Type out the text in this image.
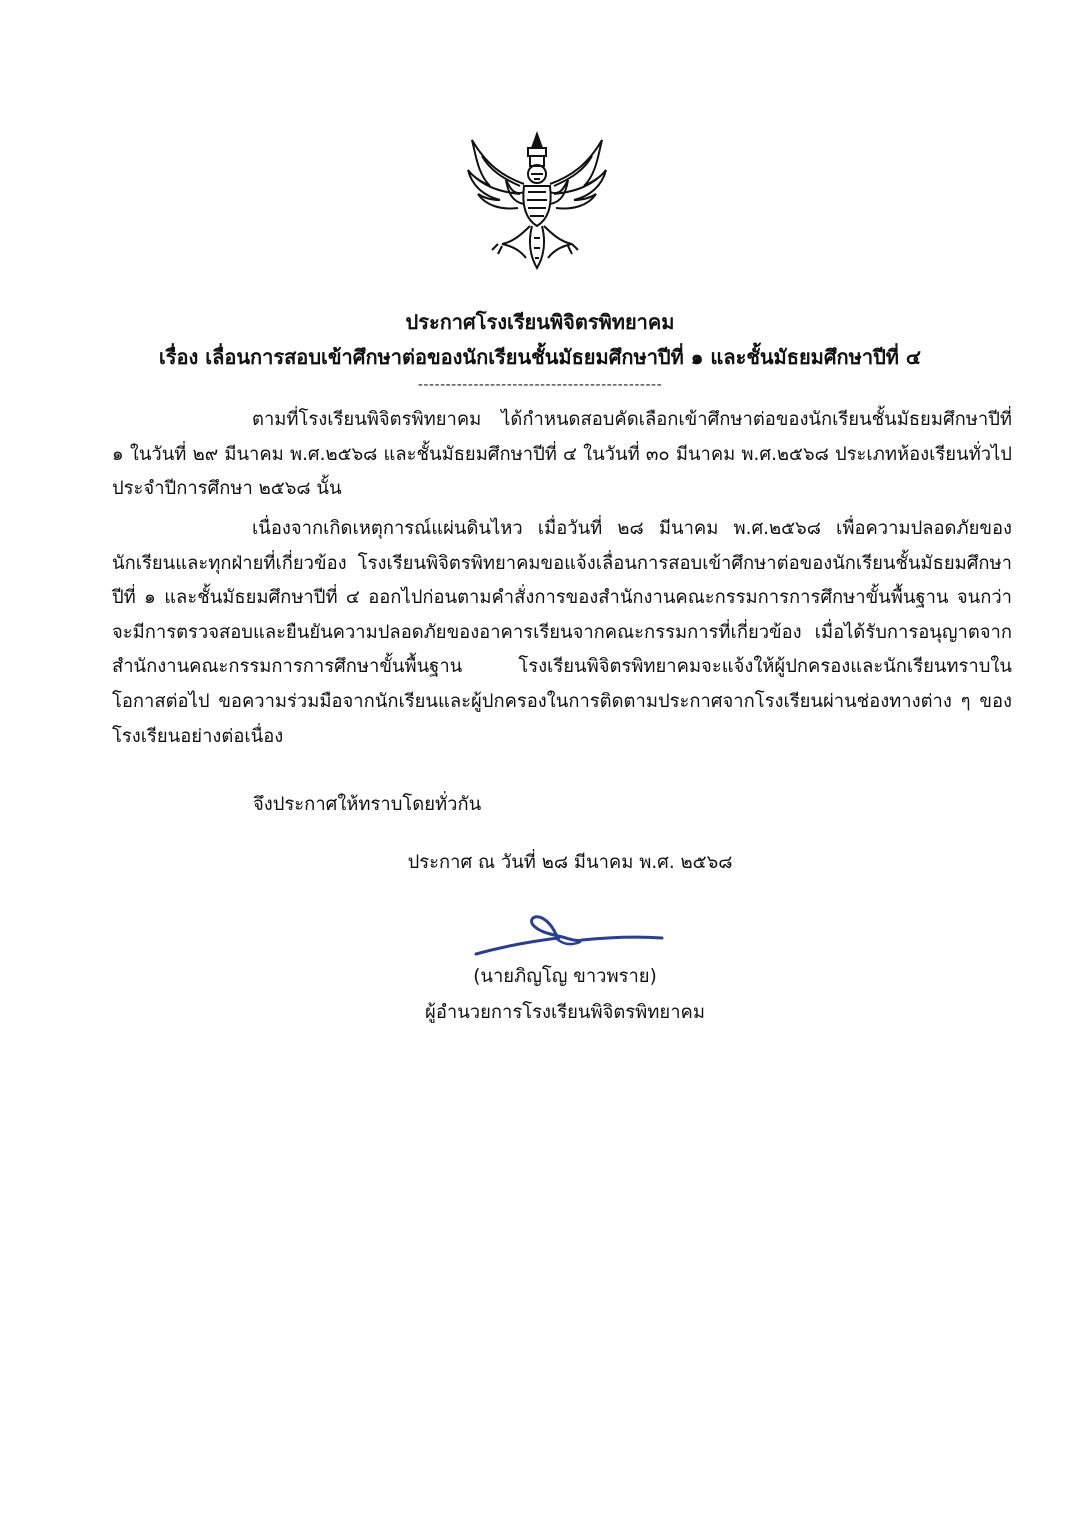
ประกาศโรงเรียนพิจิตรพิทยาคม
เรื่อง เลื่อนการสอบเข้าศึกษาต่อของนักเรียนชั้นมัธยมศึกษาปีที่ ๑ และชั้นมัธยมศึกษาปีที่ ๔
--------------------------------------------

ตามที่โรงเรียนพิจิตรพิทยาคม ได้กำหนดสอบคัดเลือกเข้าศึกษาต่อของนักเรียนชั้นมัธยมศึกษาปีที่ ๑ ในวันที่ ๒๙ มีนาคม พ.ศ.๒๕๖๘ และชั้นมัธยมศึกษาปีที่ ๔ ในวันที่ ๓๐ มีนาคม พ.ศ.๒๕๖๘ ประเภทห้องเรียนทั่วไป ประจำปีการศึกษา ๒๕๖๘ นั้น

เนื่องจากเกิดเหตุการณ์แผ่นดินไหว เมื่อวันที่ ๒๘ มีนาคม พ.ศ.๒๕๖๘ เพื่อความปลอดภัยของนักเรียนและทุกฝ่ายที่เกี่ยวข้อง โรงเรียนพิจิตรพิทยาคมขอแจ้งเลื่อนการสอบเข้าศึกษาต่อของนักเรียนชั้นมัธยมศึกษาปีที่ ๑ และชั้นมัธยมศึกษาปีที่ ๔ ออกไปก่อนตามคำสั่งการของสำนักงานคณะกรรมการการศึกษาขั้นพื้นฐาน จนกว่าจะมีการตรวจสอบและยืนยันความปลอดภัยของอาคารเรียนจากคณะกรรมการที่เกี่ยวข้อง เมื่อได้รับการอนุญาตจากสำนักงานคณะกรรมการการศึกษาขั้นพื้นฐาน โรงเรียนพิจิตรพิทยาคมจะแจ้งให้ผู้ปกครองและนักเรียนทราบในโอกาสต่อไป ขอความร่วมมือจากนักเรียนและผู้ปกครองในการติดตามประกาศจากโรงเรียนผ่านช่องทางต่าง ๆ ของโรงเรียนอย่างต่อเนื่อง

จึงประกาศให้ทราบโดยทั่วกัน
ประกาศ ณ วันที่ ๒๘ มีนาคม พ.ศ. ๒๕๖๘
(นายภิญโญ ขาวพราย)
ผู้อำนวยการโรงเรียนพิจิตรพิทยาคม
